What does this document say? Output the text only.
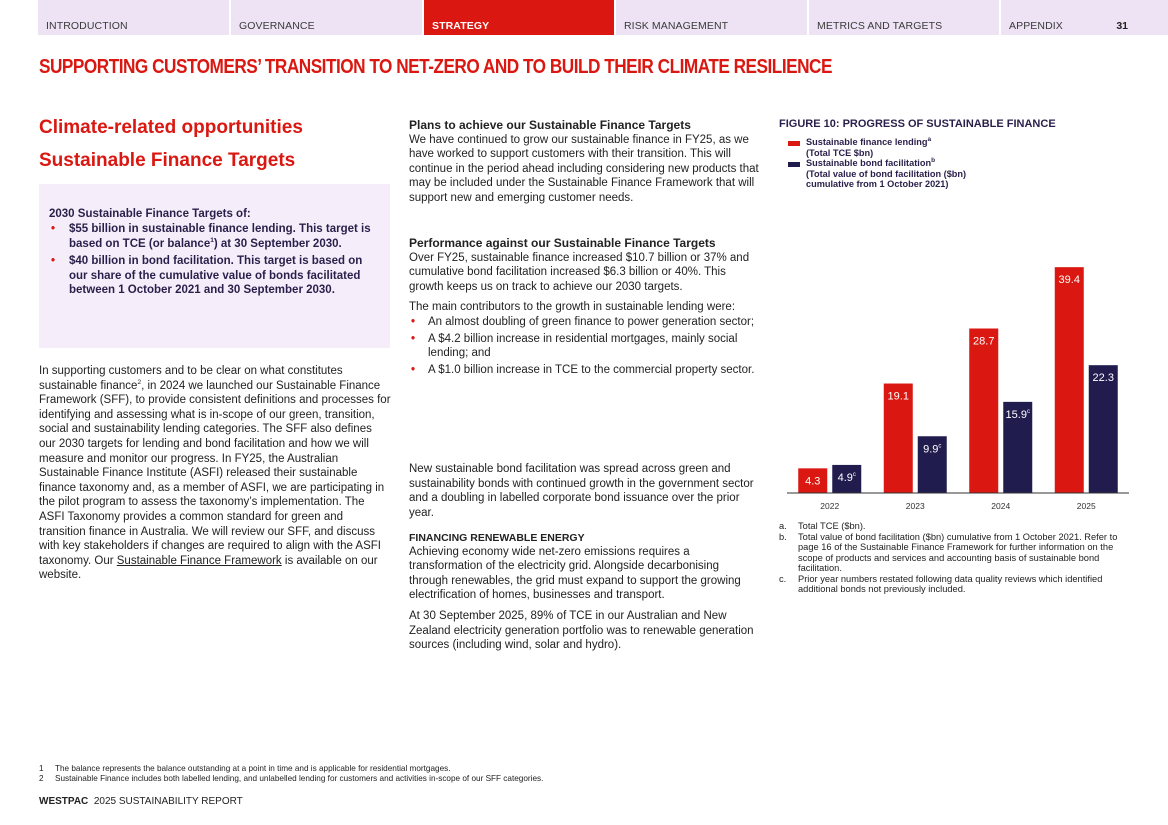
INTRODUCTION	GOVERNANCE	STRATEGY	RISK MANAGEMENT	METRICS AND TARGETS	APPENDIX	31
SUPPORTING CUSTOMERS’ TRANSITION TO NET-ZERO AND TO BUILD THEIR CLIMATE RESILIENCE
Climate-related opportunities
Sustainable Finance Targets
2030 Sustainable Finance Targets of:
• $55 billion in sustainable finance lending. This target is based on TCE (or balance$^1$) at 30 September 2030.
• $40 billion in bond facilitation. This target is based on our share of the cumulative value of bonds facilitated between 1 October 2021 and 30 September 2030.
In supporting customers and to be clear on what constitutes sustainable finance$^2$, in 2024 we launched our Sustainable Finance Framework (SFF), to provide consistent definitions and processes for identifying and assessing what is in-scope of our green, transition, social and sustainability lending categories. The SFF also defines our 2030 targets for lending and bond facilitation and how we will measure and monitor our progress. In FY25, the Australian Sustainable Finance Institute (ASFI) released their sustainable finance taxonomy and, as a member of ASFI, we are participating in the pilot program to assess the taxonomy’s implementation. The ASFI Taxonomy provides a common standard for green and transition finance in Australia. We will review our SFF, and discuss with key stakeholders if changes are required to align with the ASFI taxonomy. Our Sustainable Finance Framework is available on our website.
Plans to achieve our Sustainable Finance Targets
We have continued to grow our sustainable finance in FY25, as we have worked to support customers with their transition. This will continue in the period ahead including considering new products that may be included under the Sustainable Finance Framework that will support new and emerging customer needs.
Performance against our Sustainable Finance Targets
Over FY25, sustainable finance increased $10.7 billion or 37% and cumulative bond facilitation increased $6.3 billion or 40%. This growth keeps us on track to achieve our 2030 targets.
The main contributors to the growth in sustainable lending were:
• An almost doubling of green finance to power generation sector;
• A $4.2 billion increase in residential mortgages, mainly social lending; and
• A $1.0 billion increase in TCE to the commercial property sector.
New sustainable bond facilitation was spread across green and sustainability bonds with continued growth in the government sector and a doubling in labelled corporate bond issuance over the prior year.
FINANCING RENEWABLE ENERGY
Achieving economy wide net-zero emissions requires a transformation of the electricity grid. Alongside decarbonising through renewables, the grid must expand to support the growing electrification of homes, businesses and transport.
At 30 September 2025, 89% of TCE in our Australian and New Zealand electricity generation portfolio was to renewable generation sources (including wind, solar and hydro).
FIGURE 10: PROGRESS OF SUSTAINABLE FINANCE
Sustainable finance lending$^a$
(Total TCE $bn)
Sustainable bond facilitation$^b$
(Total value of bond facilitation ($bn)
cumulative from 1 October 2021)
4.3 4.9$^c$
2022
19.1
9.9$^c$
2023
28.7
15.9$^c$
2024
39.4
22.3
2025
a. Total TCE ($bn).
b. Total value of bond facilitation ($bn) cumulative from 1 October 2021. Refer to page 16 of the Sustainable Finance Framework for further information on the scope of products and services and accounting basis of sustainable bond facilitation.
c. Prior year numbers restated following data quality reviews which identified additional bonds not previously included.
1 The balance represents the balance outstanding at a point in time and is applicable for residential mortgages.
2 Sustainable Finance includes both labelled lending, and unlabelled lending for customers and activities in-scope of our SFF categories.
WESTPAC 2025 SUSTAINABILITY REPORT
